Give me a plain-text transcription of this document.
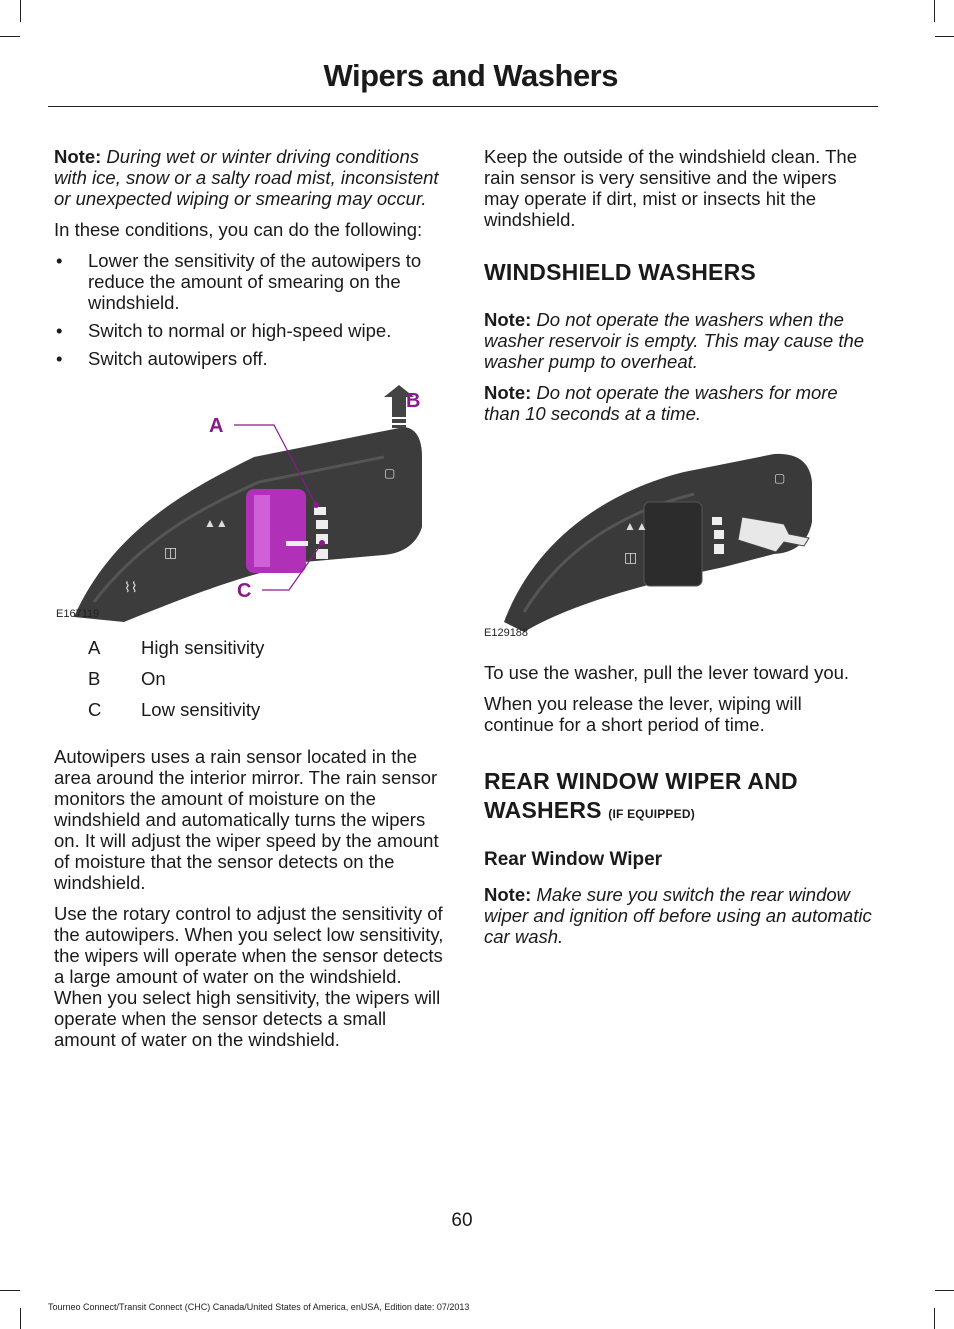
Wipers and Washers

Note: During wet or winter driving conditions with ice, snow or a salty road mist, inconsistent or unexpected wiping or smearing may occur.

In these conditions, you can do the following:

• Lower the sensitivity of the autowipers to reduce the amount of smearing on the windshield.
• Switch to normal or high-speed wipe.
• Switch autowipers off.
⌇⌇
◫
▲▲
▢
A
B
C
E167119
A	High sensitivity
B	On
C	Low sensitivity

Autowipers uses a rain sensor located in the area around the interior mirror. The rain sensor monitors the amount of moisture on the windshield and automatically turns the wipers on. It will adjust the wiper speed by the amount of moisture that the sensor detects on the windshield.

Use the rotary control to adjust the sensitivity of the autowipers. When you select low sensitivity, the wipers will operate when the sensor detects a large amount of water on the windshield. When you select high sensitivity, the wipers will operate when the sensor detects a small amount of water on the windshield.

Keep the outside of the windshield clean. The rain sensor is very sensitive and the wipers may operate if dirt, mist or insects hit the windshield.

WINDSHIELD WASHERS

Note: Do not operate the washers when the washer reservoir is empty. This may cause the washer pump to overheat.

Note: Do not operate the washers for more than 10 seconds at a time.

▲▲
◫
▢
E129188

To use the washer, pull the lever toward you.

When you release the lever, wiping will continue for a short period of time.

REAR WINDOW WIPER AND WASHERS (IF EQUIPPED)
Rear Window Wiper

Note: Make sure you switch the rear window wiper and ignition off before using an automatic car wash.

60
Tourneo Connect/Transit Connect (CHC) Canada/United States of America, enUSA, Edition date: 07/2013
